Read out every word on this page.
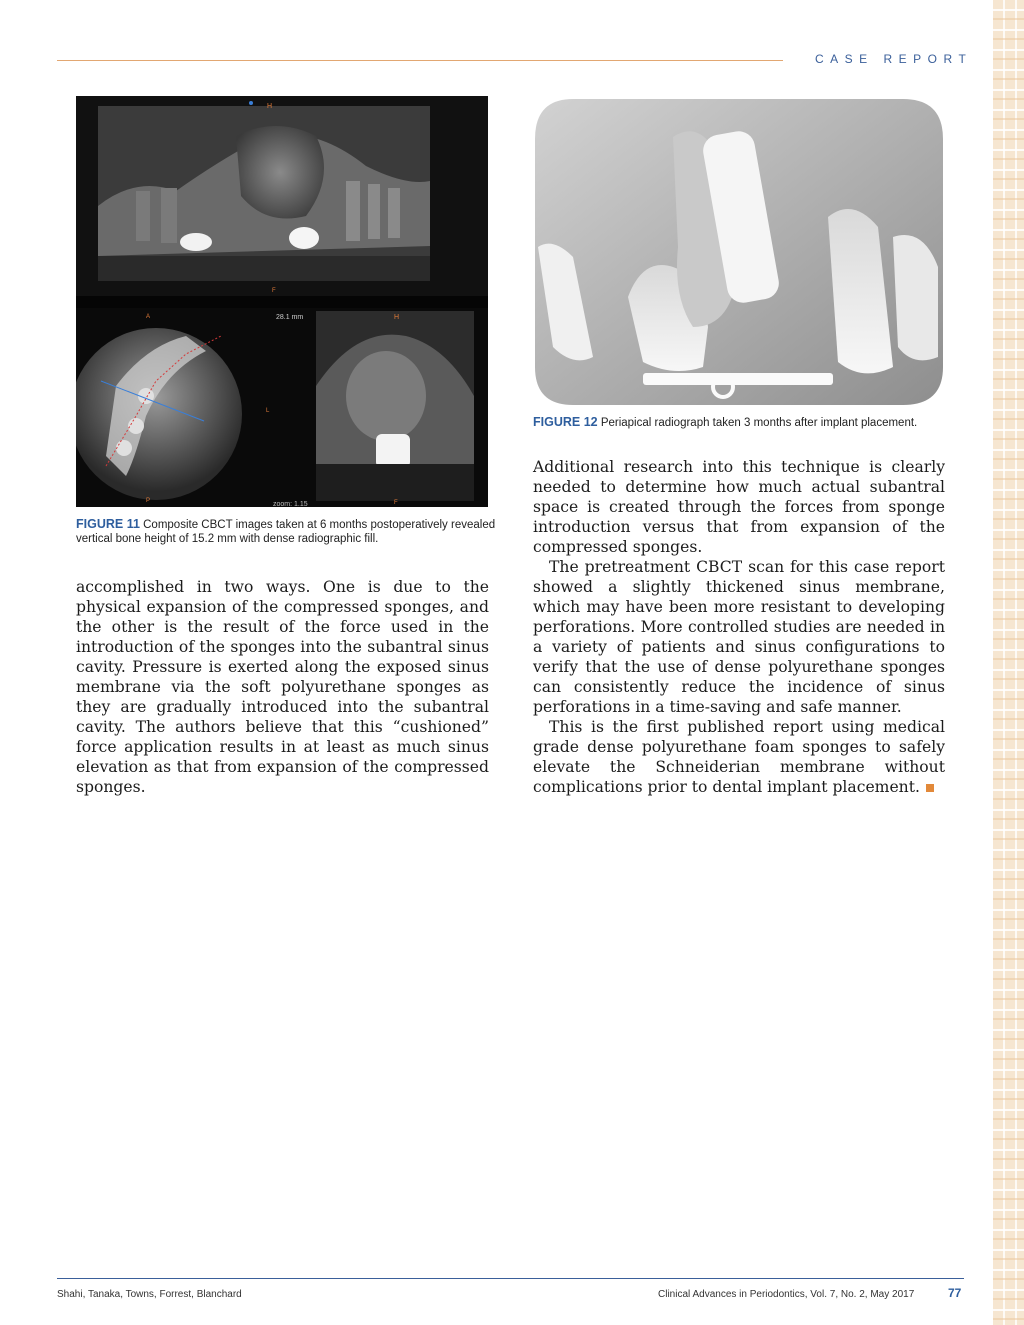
CASE REPORT
H
F
28.1 mm
A
P
H
F
L
zoom: 1.15
FIGURE 11 Composite CBCT images taken at 6 months postoperatively revealed vertical bone height of 15.2 mm with dense radiographic fill.
FIGURE 12 Periapical radiograph taken 3 months after implant placement.

accomplished in two ways. One is due to the physical expansion of the compressed sponges, and the other is the result of the force used in the introduction of the sponges into the subantral sinus cavity. Pressure is exerted along the exposed sinus membrane via the soft polyurethane sponges as they are gradually introduced into the subantral cavity. The authors believe that this “cushioned” force application results in at least as much sinus elevation as that from expansion of the compressed sponges.

Additional research into this technique is clearly needed to determine how much actual subantral space is created through the forces from sponge introduction versus that from expansion of the compressed sponges.

The pretreatment CBCT scan for this case report showed a slightly thickened sinus membrane, which may have been more resistant to developing perforations. More controlled studies are needed in a variety of patients and sinus configurations to verify that the use of dense polyurethane sponges can consistently reduce the incidence of sinus perforations in a time-saving and safe manner.

This is the first published report using medical grade dense polyurethane foam sponges to safely elevate the Schneiderian membrane without complications prior to dental implant placement.

Shahi, Tanaka, Towns, Forrest, Blanchard	Clinical Advances in Periodontics, Vol. 7, No. 2, May 2017	77
